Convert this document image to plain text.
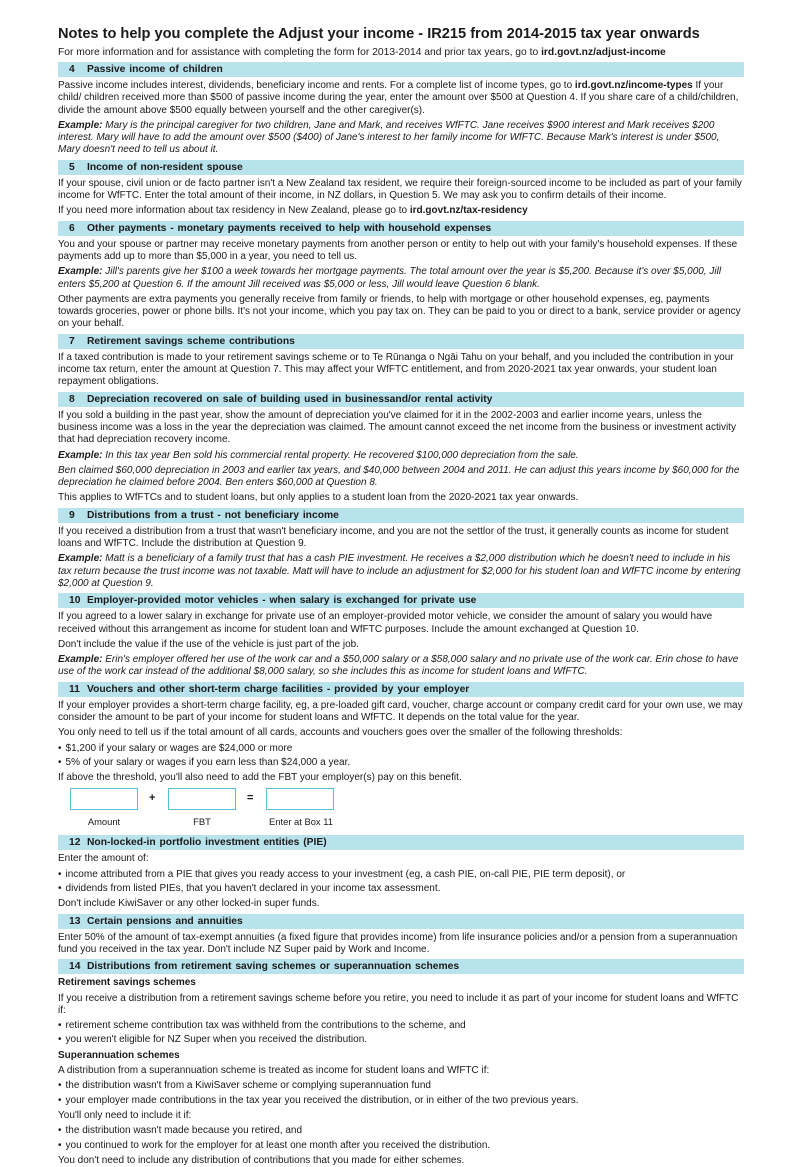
Notes to help you complete the Adjust your income - IR215 from 2014-2015 tax year onwards

For more information and for assistance with completing the form for 2013-2014 and prior tax years, go to ird.govt.nz/adjust-income

4 Passive income of children

Passive income includes interest, dividends, beneficiary income and rents. For a complete list of income types, go to ird.govt.nz/income-types If your child/ children received more than $500 of passive income during the year, enter the amount over $500 at Question 4. If you share care of a child/children, divide the amount above $500 equally between yourself and the other caregiver(s).

Example: Mary is the principal caregiver for two children, Jane and Mark, and receives WfFTC. Jane receives $900 interest and Mark receives $200 interest. Mary will have to add the amount over $500 ($400) of Jane's interest to her family income for WfFTC. Because Mark's interest is under $500, Mary doesn't need to tell us about it.

5 Income of non-resident spouse

If your spouse, civil union or de facto partner isn't a New Zealand tax resident, we require their foreign-sourced income to be included as part of your family income for WfFTC. Enter the total amount of their income, in NZ dollars, in Question 5. We may ask you to confirm details of their income.

If you need more information about tax residency in New Zealand, please go to ird.govt.nz/tax-residency

6 Other payments - monetary payments received to help with household expenses

You and your spouse or partner may receive monetary payments from another person or entity to help out with your family's household expenses. If these payments add up to more than $5,000 in a year, you need to tell us.

Example: Jill's parents give her $100 a week towards her mortgage payments. The total amount over the year is $5,200. Because it's over $5,000, Jill enters $5,200 at Question 6. If the amount Jill received was $5,000 or less, Jill would leave Question 6 blank.

Other payments are extra payments you generally receive from family or friends, to help with mortgage or other household expenses, eg, payments towards groceries, power or phone bills. It's not your income, which you pay tax on. They can be paid to you or direct to a bank, service provider or agency on your behalf.

7 Retirement savings scheme contributions

If a taxed contribution is made to your retirement savings scheme or to Te Rūnanga o Ngāi Tahu on your behalf, and you included the contribution in your income tax return, enter the amount at Question 7. This may affect your WfFTC entitlement, and from 2020-2021 tax year onwards, your student loan repayment obligations.

8 Depreciation recovered on sale of building used in businessand/or rental activity

If you sold a building in the past year, show the amount of depreciation you've claimed for it in the 2002-2003 and earlier income years, unless the business income was a loss in the year the depreciation was claimed. The amount cannot exceed the net income from the business or investment activity that had depreciation recovery income.

Example: In this tax year Ben sold his commercial rental property. He recovered $100,000 depreciation from the sale.

Ben claimed $60,000 depreciation in 2003 and earlier tax years, and $40,000 between 2004 and 2011. He can adjust this years income by $60,000 for the depreciation he claimed before 2004. Ben enters $60,000 at Question 8.

This applies to WfFTCs and to student loans, but only applies to a student loan from the 2020-2021 tax year onwards.

9 Distributions from a trust - not beneficiary income

If you received a distribution from a trust that wasn't beneficiary income, and you are not the settlor of the trust, it generally counts as income for student loans and WfFTC. Include the distribution at Question 9.

Example: Matt is a beneficiary of a family trust that has a cash PIE investment. He receives a $2,000 distribution which he doesn't need to include in his tax return because the trust income was not taxable. Matt will have to include an adjustment for $2,000 for his student loan and WfFTC income by entering $2,000 at Question 9.

10 Employer-provided motor vehicles - when salary is exchanged for private use

If you agreed to a lower salary in exchange for private use of an employer-provided motor vehicle, we consider the amount of salary you would have received without this arrangement as income for student loan and WfFTC purposes. Include the amount exchanged at Question 10.

Don't include the value if the use of the vehicle is just part of the job.

Example: Erin's employer offered her use of the work car and a $50,000 salary or a $58,000 salary and no private use of the work car. Erin chose to have use of the work car instead of the additional $8,000 salary, so she includes this as income for student loans and WfFTC.

11 Vouchers and other short-term charge facilities - provided by your employer

If your employer provides a short-term charge facility, eg, a pre-loaded gift card, voucher, charge account or company credit card for your own use, we may consider the amount to be part of your income for student loans and WfFTC. It depends on the total value for the year.

You only need to tell us if the total amount of all cards, accounts and vouchers goes over the smaller of the following thresholds:

• $1,200 if your salary or wages are $24,000 or more
• 5% of your salary or wages if you earn less than $24,000 a year.

If above the threshold, you'll also need to add the FBT your employer(s) pay on this benefit.

+	=
Amount	FBT	Enter at Box 11
12 Non-locked-in portfolio investment entities (PIE)

Enter the amount of:

• income attributed from a PIE that gives you ready access to your investment (eg, a cash PIE, on-call PIE, PIE term deposit), or
• dividends from listed PIEs, that you haven't declared in your income tax assessment.

Don't include KiwiSaver or any other locked-in super funds.

13 Certain pensions and annuities

Enter 50% of the amount of tax-exempt annuities (a fixed figure that provides income) from life insurance policies and/or a pension from a superannuation fund you received in the tax year. Don't include NZ Super paid by Work and Income.

14 Distributions from retirement saving schemes or superannuation schemes
Retirement savings schemes

If you receive a distribution from a retirement savings scheme before you retire, you need to include it as part of your income for student loans and WfFTC if:

• retirement scheme contribution tax was withheld from the contributions to the scheme, and
• you weren't eligible for NZ Super when you received the distribution.
Superannuation schemes

A distribution from a superannuation scheme is treated as income for student loans and WfFTC if:

• the distribution wasn't from a KiwiSaver scheme or complying superannuation fund
• your employer made contributions in the tax year you received the distribution, or in either of the two previous years.

You'll only need to include it if:

• the distribution wasn't made because you retired, and
• you continued to work for the employer for at least one month after you received the distribution.

You don't need to include any distribution of contributions that you made for either schemes.
